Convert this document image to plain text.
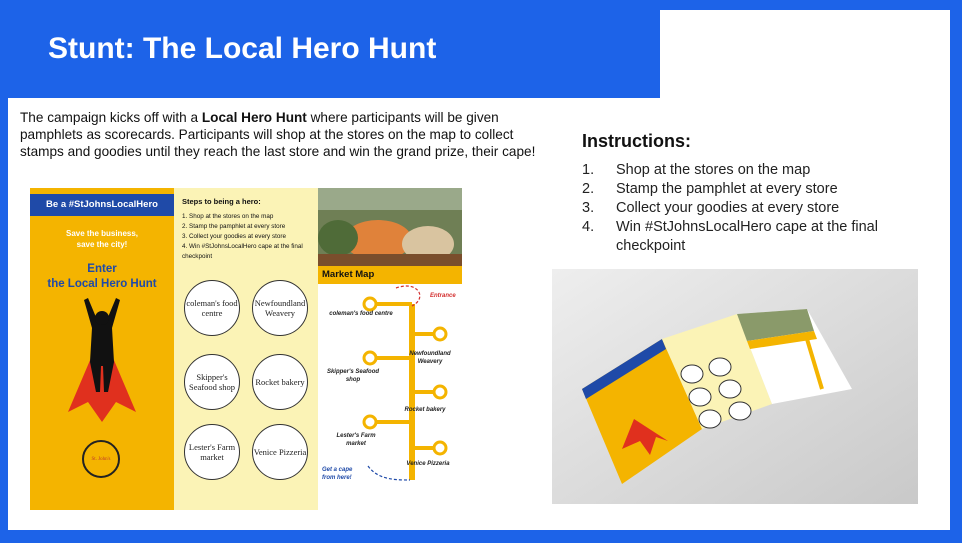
Stunt: The Local Hero Hunt
The campaign kicks off with a Local Hero Hunt where participants will be given pamphlets as scorecards. Participants will shop at the stores on the map to collect stamps and goodies until they reach the last store and win the grand prize, their cape!
Instructions:
1.	Shop at the stores on the map
2.	Stamp the pamphlet at every store
3.	Collect your goodies at every store
4.	Win #StJohnsLocalHero cape at the final checkpoint
Be a #StJohnsLocalHero
Save the business,
save the city!
Enter
the Local Hero Hunt
St. John's
Steps to being a hero:
1. Shop at the stores on the map
2. Stamp the pamphlet at every store
3. Collect your goodies at every store
4. Win #StJohnsLocalHero cape at the final checkpoint
coleman's food centre
Newfoundland Weavery
Skipper's Seafood shop	Rocket bakery
Lester's Farm market	Venice Pizzeria
Market Map
Entrance
coleman's food centre
Newfoundland Weavery
Skipper's Seafood shop
Rocket bakery
Lester's Farm market
Venice Pizzeria
Get a cape from here!
